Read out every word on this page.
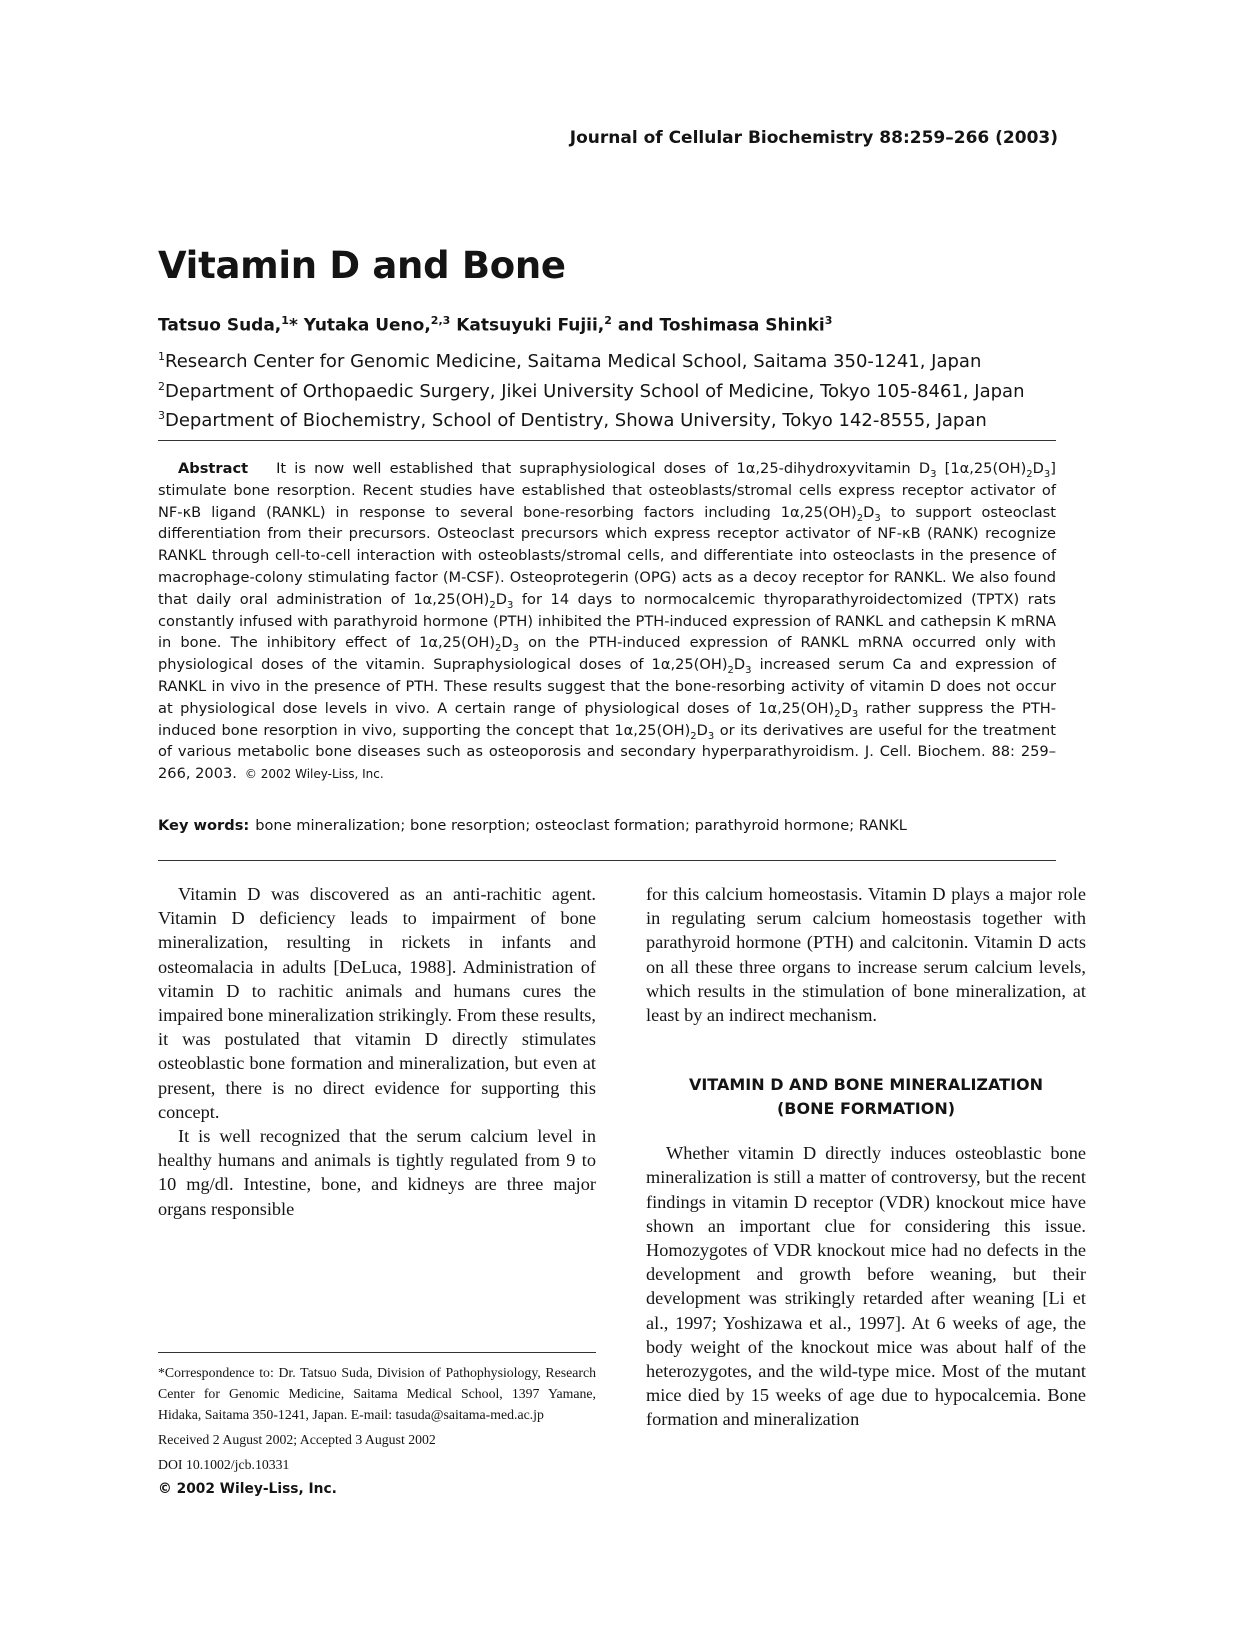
Journal of Cellular Biochemistry 88:259–266 (2003)
Vitamin D and Bone
Tatsuo Suda,$^1$* Yutaka Ueno,$^{2,3}$ Katsuyuki Fujii,$^2$ and Toshimasa Shinki$^3$
$^1$Research Center for Genomic Medicine, Saitama Medical School, Saitama 350-1241, Japan
$^2$Department of Orthopaedic Surgery, Jikei University School of Medicine, Tokyo 105-8461, Japan
$^3$Department of Biochemistry, School of Dentistry, Showa University, Tokyo 142-8555, Japan
Abstract It is now well established that supraphysiological doses of 1α,25-dihydroxyvitamin $D_3$ $[1\alpha,25(OH)_2D_3]$ stimulate bone resorption. Recent studies have established that osteoblasts/stromal cells express receptor activator of NF-κB ligand (RANKL) in response to several bone-resorbing factors including $1\alpha,25(OH)_2D_3$ to support osteoclast differentiation from their precursors. Osteoclast precursors which express receptor activator of NF-κB (RANK) recognize RANKL through cell-to-cell interaction with osteoblasts/stromal cells, and differentiate into osteoclasts in the presence of macrophage-colony stimulating factor (M-CSF). Osteoprotegerin (OPG) acts as a decoy receptor for RANKL. We also found that daily oral administration of $1\alpha,25(OH)_2D_3$ for 14 days to normocalcemic thyroparathyroidectomized (TPTX) rats constantly infused with parathyroid hormone (PTH) inhibited the PTH-induced expression of RANKL and cathepsin K mRNA in bone. The inhibitory effect of $1\alpha,25(OH)_2D_3$ on the PTH-induced expression of RANKL mRNA occurred only with physiological doses of the vitamin. Supraphysiological doses of $1\alpha,25(OH)_2D_3$ increased serum Ca and expression of RANKL in vivo in the presence of PTH. These results suggest that the bone-resorbing activity of vitamin D does not occur at physiological dose levels in vivo. A certain range of physiological doses of $1\alpha,25(OH)_2D_3$ rather suppress the PTH-induced bone resorption in vivo, supporting the concept that $1\alpha,25(OH)_2D_3$ or its derivatives are useful for the treatment of various metabolic bone diseases such as osteoporosis and secondary hyperparathyroidism. J. Cell. Biochem. 88: 259–266, 2003. © 2002 Wiley-Liss, Inc.
Key words: bone mineralization; bone resorption; osteoclast formation; parathyroid hormone; RANKL

Vitamin D was discovered as an anti-rachitic agent. Vitamin D deficiency leads to impairment of bone mineralization, resulting in rickets in infants and osteomalacia in adults [DeLuca, 1988]. Administration of vitamin D to rachitic animals and humans cures the impaired bone mineralization strikingly. From these results, it was postulated that vitamin D directly stimulates osteoblastic bone formation and mineralization, but even at present, there is no direct evidence for supporting this concept.

It is well recognized that the serum calcium level in healthy humans and animals is tightly regulated from 9 to 10 mg/dl. Intestine, bone, and kidneys are three major organs responsible

for this calcium homeostasis. Vitamin D plays a major role in regulating serum calcium homeostasis together with parathyroid hormone (PTH) and calcitonin. Vitamin D acts on all these three organs to increase serum calcium levels, which results in the stimulation of bone mineralization, at least by an indirect mechanism.

VITAMIN D AND BONE MINERALIZATION
(BONE FORMATION)

Whether vitamin D directly induces osteoblastic bone mineralization is still a matter of controversy, but the recent findings in vitamin D receptor (VDR) knockout mice have shown an important clue for considering this issue. Homozygotes of VDR knockout mice had no defects in the development and growth before weaning, but their development was strikingly retarded after weaning [Li et al., 1997; Yoshizawa et al., 1997]. At 6 weeks of age, the body weight of the knockout mice was about half of the heterozygotes, and the wild-type mice. Most of the mutant mice died by 15 weeks of age due to hypocalcemia. Bone formation and mineralization

*Correspondence to: Dr. Tatsuo Suda, Division of Pathophysiology, Research Center for Genomic Medicine, Saitama Medical School, 1397 Yamane, Hidaka, Saitama 350-1241, Japan. E-mail: tasuda@saitama-med.ac.jp

Received 2 August 2002; Accepted 3 August 2002

DOI 10.1002/jcb.10331

© 2002 Wiley-Liss, Inc.
